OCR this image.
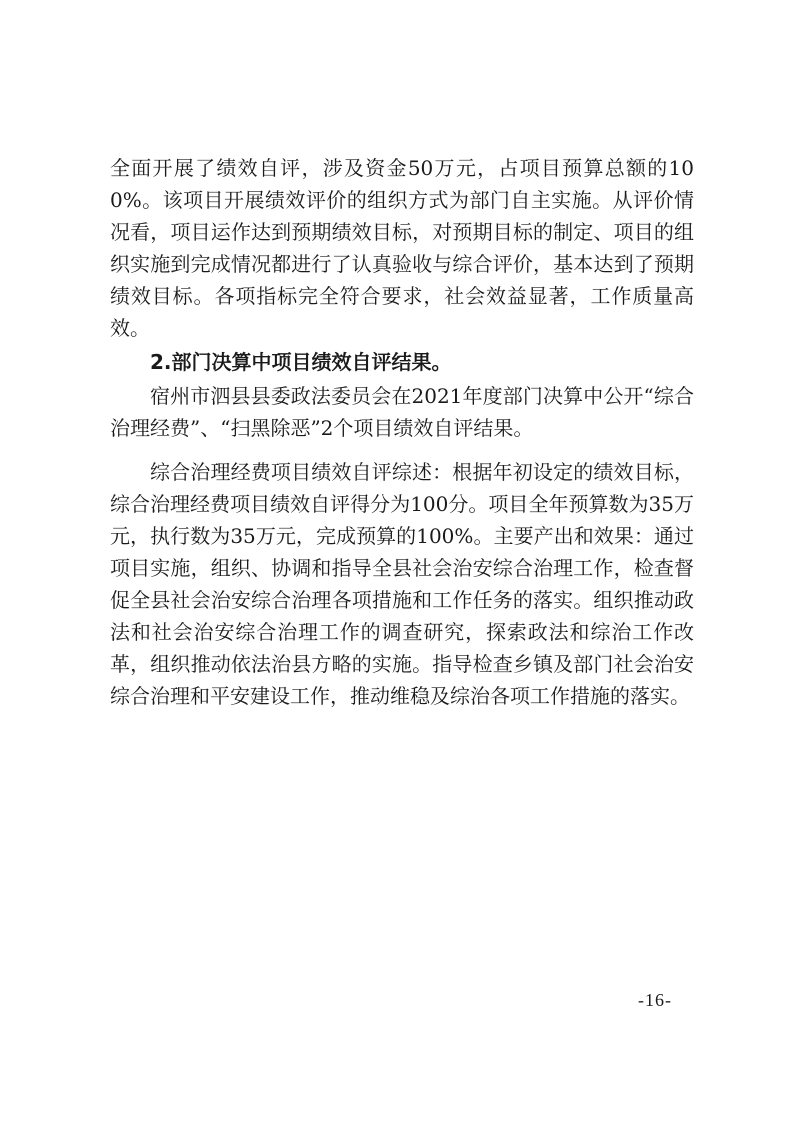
全面开展了绩效自评，涉及资金50万元，占项目预算总额的100%。该项目开展绩效评价的组织方式为部门自主实施。从评价情况看，项目运作达到预期绩效目标，对预期目标的制定、项目的组织实施到完成情况都进行了认真验收与综合评价，基本达到了预期绩效目标。各项指标完全符合要求，社会效益显著，工作质量高效。

2.部门决算中项目绩效自评结果。

宿州市泗县县委政法委员会在2021年度部门决算中公开“综合治理经费”、“扫黑除恶”2个项目绩效自评结果。

综合治理经费项目绩效自评综述：根据年初设定的绩效目标，综合治理经费项目绩效自评得分为100分。项目全年预算数为35万元，执行数为35万元，完成预算的100%。主要产出和效果：通过项目实施，组织、协调和指导全县社会治安综合治理工作，检查督促全县社会治安综合治理各项措施和工作任务的落实。组织推动政法和社会治安综合治理工作的调查研究，探索政法和综治工作改革，组织推动依法治县方略的实施。指导检查乡镇及部门社会治安综合治理和平安建设工作，推动维稳及综治各项工作措施的落实。

-16-
